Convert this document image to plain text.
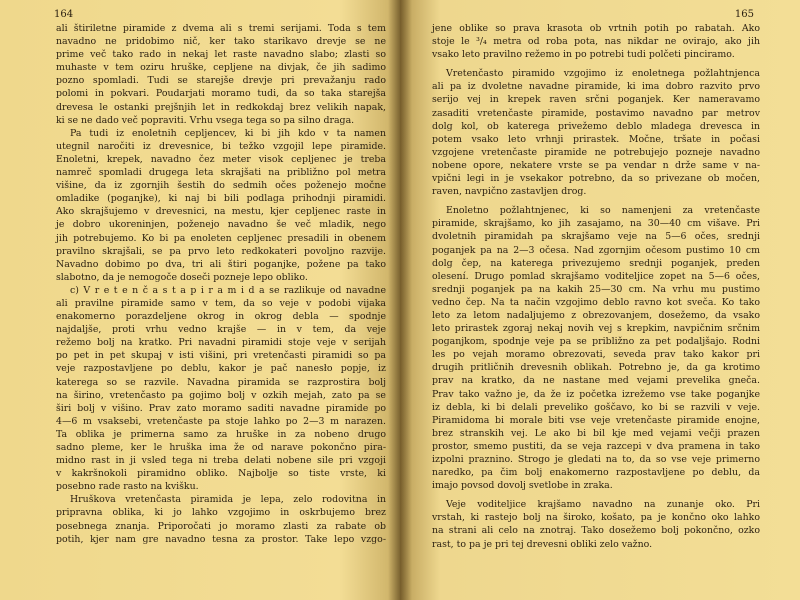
164
ali štiriletne piramide z dvema ali s tremi serijami. Toda s tem
navadno ne pridobimo nič, ker tako starikavo drevje se ne
prime več tako rado in nekaj let raste navadno slabo; zlasti so
muhaste v tem oziru hruške, cepljene na divjak, če jih sadimo
pozno spomladi. Tudi se starejše drevje pri prevažanju rado
polomi in pokvari. Poudarjati moramo tudi, da so taka starejša
drevesa le ostanki prejšnjih let in redkokdaj brez velikih napak,
ki se ne dado več popraviti. Vrhu vsega tega so pa silno draga.
Pa tudi iz enoletnih cepljencev, ki bi jih kdo v ta namen
utegnil naročiti iz drevesnice, bi težko vzgojil lepe piramide.
Enoletni, krepek, navadno čez meter visok cepljenec je treba
namreč spomladi drugega leta skrajšati na približno pol metra
višine, da iz zgornjih šestih do sedmih očes poženejo močne
omladike (poganjke), ki naj bi bili podlaga prihodnji piramidi.
Ako skrajšujemo v drevesnici, na mestu, kjer cepljenec raste in
je dobro ukoreninjen, poženejo navadno še več mladik, nego
jih potrebujemo. Ko bi pa enoleten cepljenec presadili in obenem
pravilno skrajšali, se pa prvo leto redkokateri povoljno razvije.
Navadno dobimo po dva, tri ali štiri poganjke, požene pa tako
slabotno, da je nemogoče doseči pozneje lepo obliko.
c) V r e t e n č a s t a p i r a m i d a se razlikuje od navadne
ali pravilne piramide samo v tem, da so veje v podobi vijaka
enakomerno porazdeljene okrog in okrog debla — spodnje
najdaljše, proti vrhu vedno krajše — in v tem, da veje
režemo bolj na kratko. Pri navadni piramidi stoje veje v serijah
po pet in pet skupaj v isti višini, pri vretenčasti piramidi so pa
veje razpostavljene po deblu, kakor je pač nanesło popje, iz
katerega so se razvile. Navadna piramida se razprostira bolj
na širino, vretenčasto pa gojimo bolj v ozkih mejah, zato pa se
širi bolj v višino. Prav zato moramo saditi navadne piramide po
4—6 m vsaksebi, vretenčaste pa stoje lahko po 2—3 m narazen.
Ta oblika je primerna samo za hruške in za nobeno drugo
sadno pleme, ker le hruška ima že od narave pokončno pira-
midno rast in ji vsled tega ni treba delati nobene sile pri vzgoji
v kakršnokoli piramidno obliko. Najbolje so tiste vrste, ki
posebno rade rasto na kvišku.
Hruškova vretenčasta piramida je lepa, zelo rodovitna in
pripravna oblika, ki jo lahko vzgojimo in oskrbujemo brez
posebnega znanja. Priporočati jo moramo zlasti za rabate ob
potih, kjer nam gre navadno tesna za prostor. Take lepo vzgo-
165
jene oblike so prava krasota ob vrtnih potih po rabatah. Ako
stoje le ³/₄ metra od roba pota, nas nikdar ne ovirajo, ako jih
vsako leto pravilno režemo in po potrebi tudi polčeti pinciramo.
Vretenčasto piramido vzgojimo iz enoletnega požlahtnjenca
ali pa iz dvoletne navadne piramide, ki ima dobro razvito prvo
serijo vej in krepek raven srčni poganjek. Ker nameravamo
zasaditi vretenčaste piramide, postavimo navadno par metrov
dolg kol, ob katerega privežemo deblo mladega drevesca in
potem vsako leto vrhnji prirastek. Močne, tršate in počasi
vzgojene vretenčaste piramide ne potrebujejo pozneje navadno
nobene opore, nekatere vrste se pa vendar n drže same v na-
vpični legi in je vsekakor potrebno, da so privezane ob močen,
raven, navpično zastavljen drog.
Enoletno požlahtnjenec, ki so namenjeni za vretenčaste
piramide, skrajšamo, ko jih zasajamo, na 30—40 cm višave. Pri
dvoletnih piramidah pa skrajšamo veje na 5—6 očes, srednji
poganjek pa na 2—3 očesa. Nad zgornjim očesom pustimo 10 cm
dolg čep, na katerega privezujemo srednji poganjek, preden
olesení. Drugo pomlad skrajšamo voditeljice zopet na 5—6 očes,
srednji poganjek pa na kakih 25—30 cm. Na vrhu mu pustimo
vedno čep. Na ta način vzgojimo deblo ravno kot sveča. Ko tako
leto za letom nadaljujemo z obrezovanjem, dosežemo, da vsako
leto prirastek zgoraj nekaj novih vej s krepkim, navpičnim srčnim
poganjkom, spodnje veje pa se približno za pet podaljšajo. Rodni
les po vejah moramo obrezovati, seveda prav tako kakor pri
drugih pritličnih drevesnih oblikah. Potrebno je, da ga krotimo
prav na kratko, da ne nastane med vejami prevelika gneča.
Prav tako važno je, da že iz početka izrežemo vse take poganjke
iz debla, ki bi delali preveliko goščavo, ko bi se razvili v veje.
Piramidoma bi morale biti vse veje vretenčaste piramide enojne,
brez stranskih vej. Le ako bi bil kje med vejami večji prazen
prostor, smemo pustiti, da se veja razcepi v dva pramena in tako
izpolni praznino. Strogo je gledati na to, da so vse veje primerno
naredko, pa čim bolj enakomerno razpostavljene po deblu, da
imajo povsod dovolj svetlobe in zraka.
Veje voditeljice krajšamo navadno na zunanje oko. Pri
vrstah, ki rastejo bolj na široko, košato, pa je končno oko lahko
na strani ali celo na znotraj. Tako dosežemo bolj pokončno, ozko
rast, to pa je pri tej drevesni obliki zelo važno.
